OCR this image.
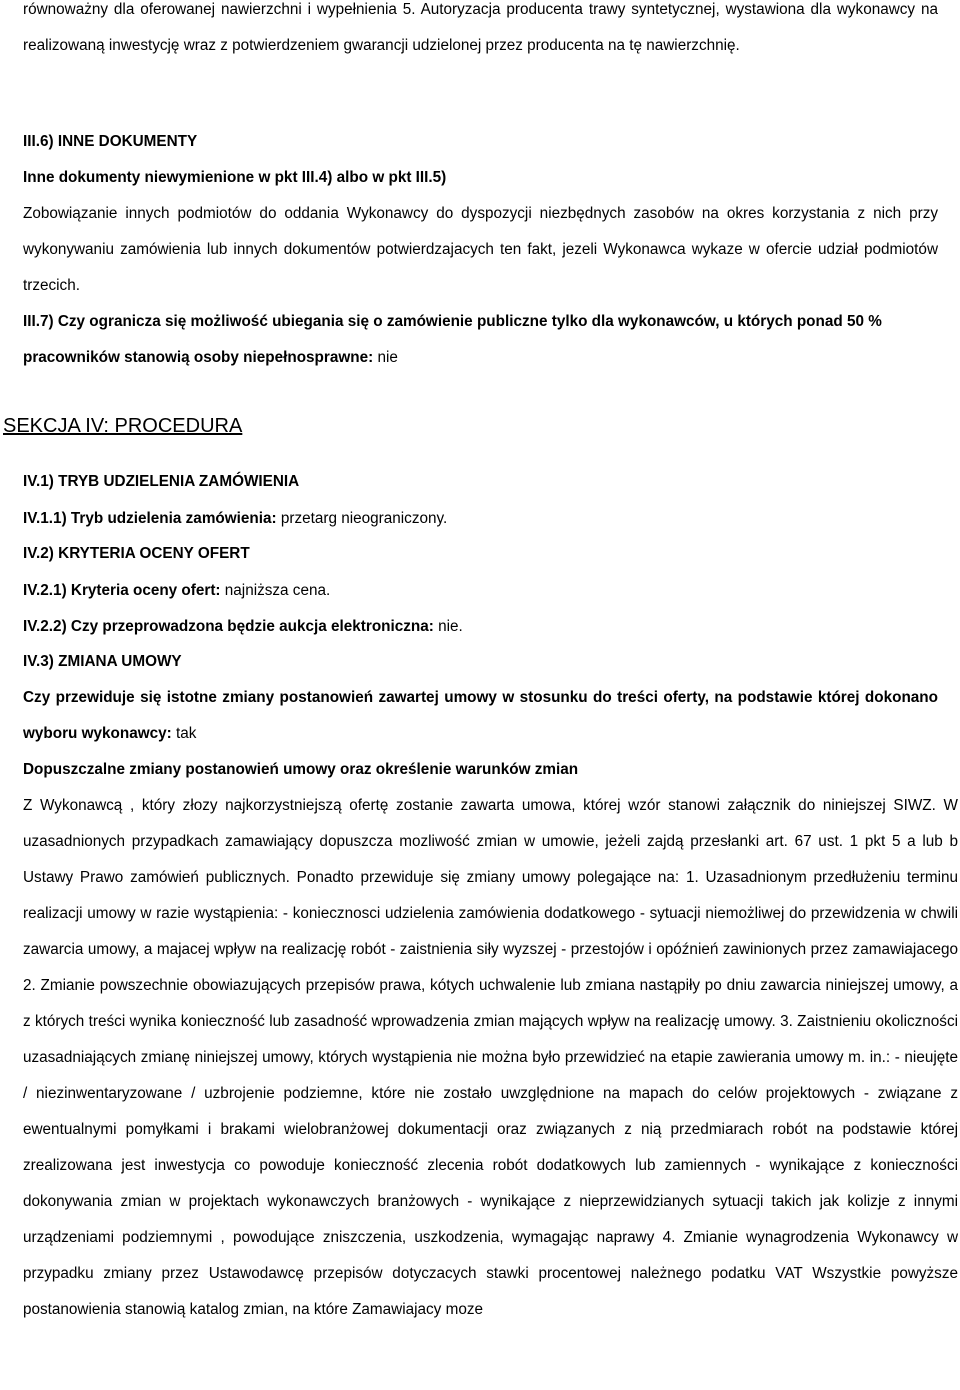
równoważny dla oferowanej nawierzchni i wypełnienia 5. Autoryzacja producenta trawy syntetycznej, wystawiona dla wykonawcy na realizowaną inwestycję wraz z potwierdzeniem gwarancji udzielonej przez producenta na tę nawierzchnię.

III.6) INNE DOKUMENTY
Inne dokumenty niewymienione w pkt III.4) albo w pkt III.5)

Zobowiązanie innych podmiotów do oddania Wykonawcy do dyspozycji niezbędnych zasobów na okres korzystania z nich przy wykonywaniu zamówienia lub innych dokumentów potwierdzajacych ten fakt, jezeli Wykonawca wykaze w ofercie udział podmiotów trzecich.

III.7) Czy ogranicza się możliwość ubiegania się o zamówienie publiczne tylko dla wykonawców, u których ponad 50 % pracowników stanowią osoby niepełnosprawne: nie

SEKCJA IV: PROCEDURA
IV.1) TRYB UDZIELENIA ZAMÓWIENIA
IV.1.1) Tryb udzielenia zamówienia: przetarg nieograniczony.
IV.2) KRYTERIA OCENY OFERT
IV.2.1) Kryteria oceny ofert: najniższa cena.
IV.2.2) Czy przeprowadzona będzie aukcja elektroniczna: nie.
IV.3) ZMIANA UMOWY

Czy przewiduje się istotne zmiany postanowień zawartej umowy w stosunku do treści oferty, na podstawie której dokonano wyboru wykonawcy: tak

Dopuszczalne zmiany postanowień umowy oraz określenie warunków zmian

Z Wykonawcą , który złozy najkorzystniejszą ofertę zostanie zawarta umowa, której wzór stanowi załącznik do niniejszej SIWZ. W uzasadnionych przypadkach zamawiający dopuszcza mozliwość zmian w umowie, jeżeli zajdą przesłanki art. 67 ust. 1 pkt 5 a lub b Ustawy Prawo zamówień publicznych. Ponadto przewiduje się zmiany umowy polegające na: 1. Uzasadnionym przedłużeniu terminu realizacji umowy w razie wystąpienia: - koniecznosci udzielenia zamówienia dodatkowego - sytuacji niemożliwej do przewidzenia w chwili zawarcia umowy, a majacej wpływ na realizację robót - zaistnienia siły wyzszej - przestojów i opóźnień zawinionych przez zamawiajacego 2. Zmianie powszechnie obowiazujących przepisów prawa, kótych uchwalenie lub zmiana nastąpiły po dniu zawarcia niniejszej umowy, a z których treści wynika konieczność lub zasadność wprowadzenia zmian mających wpływ na realizację umowy. 3. Zaistnieniu okoliczności uzasadniających zmianę niniejszej umowy, których wystąpienia nie można było przewidzieć na etapie zawierania umowy m. in.: - nieujęte / niezinwentaryzowane / uzbrojenie podziemne, które nie zostało uwzględnione na mapach do celów projektowych - związane z ewentualnymi pomyłkami i brakami wielobranżowej dokumentacji oraz związanych z nią przedmiarach robót na podstawie której zrealizowana jest inwestycja co powoduje konieczność zlecenia robót dodatkowych lub zamiennych - wynikające z konieczności dokonywania zmian w projektach wykonawczych branżowych - wynikające z nieprzewidzianych sytuacji takich jak kolizje z innymi urządzeniami podziemnymi , powodujące zniszczenia, uszkodzenia, wymagając naprawy 4. Zmianie wynagrodzenia Wykonawcy w przypadku zmiany przez Ustawodawcę przepisów dotyczacych stawki procentowej należnego podatku VAT Wszystkie powyższe postanowienia stanowią katalog zmian, na które Zamawiajacy moze
